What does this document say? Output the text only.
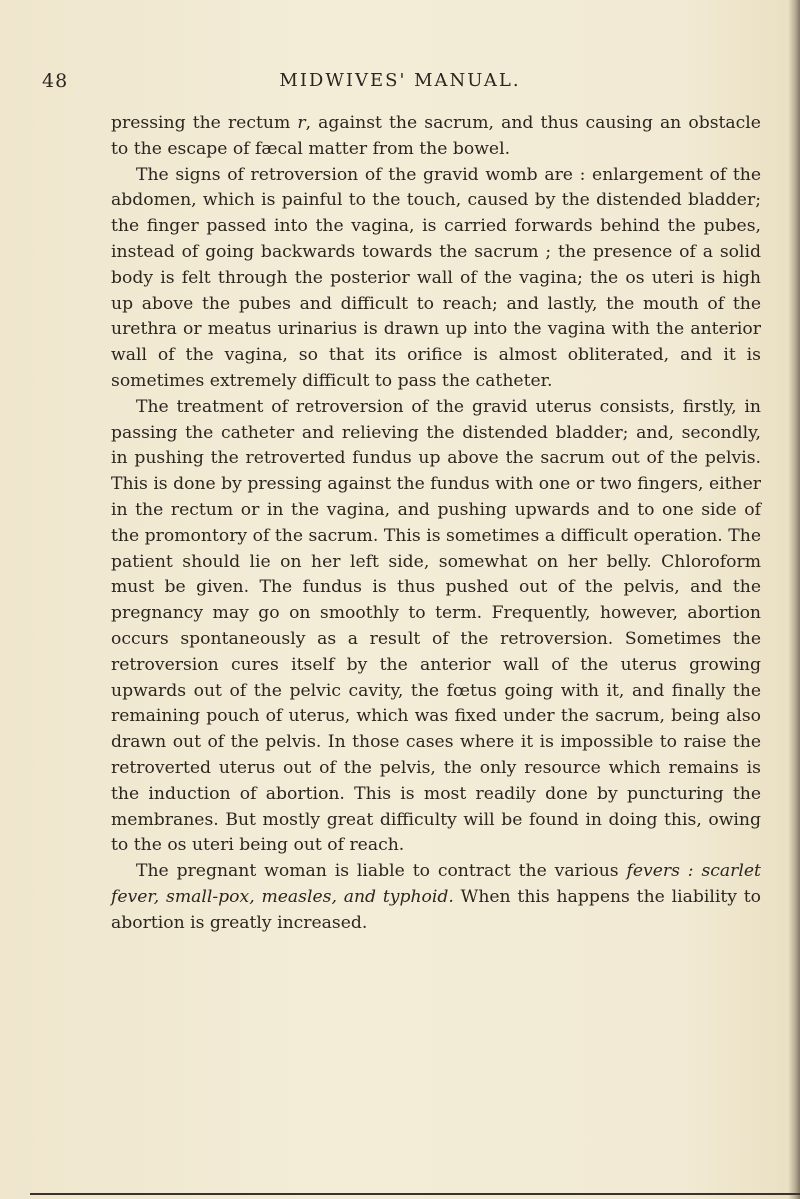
48	MIDWIVES' MANUAL.

pressing the rectum r, against the sacrum, and thus causing an obstacle to the escape of fæcal matter from the bowel.

The signs of retroversion of the gravid womb are : enlargement of the abdomen, which is painful to the touch, caused by the distended bladder; the finger passed into the vagina, is carried forwards behind the pubes, instead of going backwards towards the sacrum ; the presence of a solid body is felt through the posterior wall of the vagina; the os uteri is high up above the pubes and difficult to reach; and lastly, the mouth of the urethra or meatus urinarius is drawn up into the vagina with the anterior wall of the vagina, so that its orifice is almost obliterated, and it is sometimes extremely difficult to pass the catheter.

The treatment of retroversion of the gravid uterus consists, firstly, in passing the catheter and relieving the distended bladder; and, secondly, in pushing the retroverted fundus up above the sacrum out of the pelvis. This is done by pressing against the fundus with one or two fingers, either in the rectum or in the vagina, and pushing upwards and to one side of the promontory of the sacrum. This is sometimes a difficult operation. The patient should lie on her left side, somewhat on her belly. Chloroform must be given. The fundus is thus pushed out of the pelvis, and the pregnancy may go on smoothly to term. Frequently, however, abortion occurs spontaneously as a result of the retroversion. Sometimes the retroversion cures itself by the anterior wall of the uterus growing upwards out of the pelvic cavity, the fœtus going with it, and finally the remaining pouch of uterus, which was fixed under the sacrum, being also drawn out of the pelvis. In those cases where it is impossible to raise the retroverted uterus out of the pelvis, the only resource which remains is the induction of abortion. This is most readily done by puncturing the membranes. But mostly great difficulty will be found in doing this, owing to the os uteri being out of reach.

The pregnant woman is liable to contract the various fevers : scarlet fever, small-pox, measles, and typhoid. When this happens the liability to abortion is greatly increased.
